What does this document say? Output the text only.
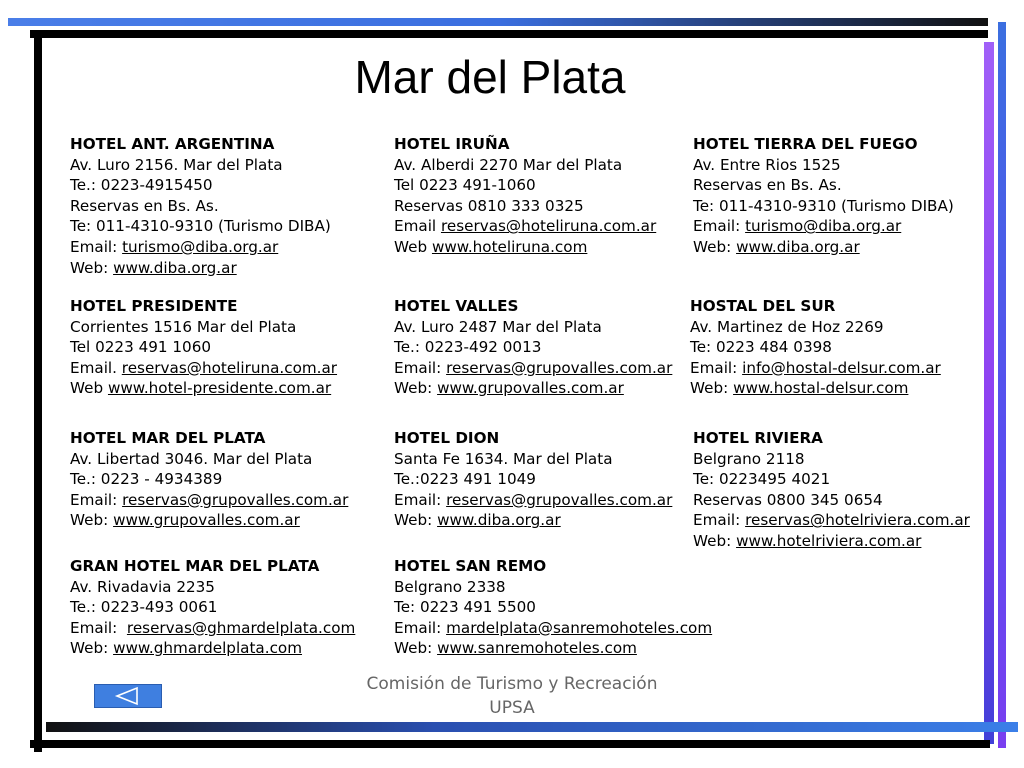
Mar del Plata
HOTEL ANT. ARGENTINA
Av. Luro 2156. Mar del Plata
Te.: 0223-4915450
Reservas en Bs. As.
Te: 011-4310-9310 (Turismo DIBA)
Email: turismo@diba.org.ar
Web: www.diba.org.ar
HOTEL IRUÑA
Av. Alberdi 2270 Mar del Plata
Tel 0223 491-1060
Reservas 0810 333 0325
Email reservas@hoteliruna.com.ar
Web www.hoteliruna.com
HOTEL TIERRA DEL FUEGO
Av. Entre Rios 1525
Reservas en Bs. As.
Te: 011-4310-9310 (Turismo DIBA)
Email: turismo@diba.org.ar
Web: www.diba.org.ar
HOTEL PRESIDENTE
Corrientes 1516 Mar del Plata
Tel 0223 491 1060
Email. reservas@hoteliruna.com.ar
Web www.hotel-presidente.com.ar
HOTEL VALLES
Av. Luro 2487 Mar del Plata
Te.: 0223-492 0013
Email: reservas@grupovalles.com.ar
Web: www.grupovalles.com.ar
HOSTAL DEL SUR
Av. Martinez de Hoz 2269
Te: 0223 484 0398
Email: info@hostal-delsur.com.ar
Web: www.hostal-delsur.com
HOTEL MAR DEL PLATA
Av. Libertad 3046. Mar del Plata
Te.: 0223 - 4934389
Email: reservas@grupovalles.com.ar
Web: www.grupovalles.com.ar
HOTEL DION
Santa Fe 1634. Mar del Plata
Te.:0223 491 1049
Email: reservas@grupovalles.com.ar
Web: www.diba.org.ar
HOTEL RIVIERA
Belgrano 2118
Te: 0223495 4021
Reservas 0800 345 0654
Email: reservas@hotelriviera.com.ar
Web: www.hotelriviera.com.ar
GRAN HOTEL MAR DEL PLATA
Av. Rivadavia 2235
Te.: 0223-493 0061
Email:  reservas@ghmardelplata.com
Web: www.ghmardelplata.com
HOTEL SAN REMO
Belgrano 2338
Te: 0223 491 5500
Email: mardelplata@sanremohoteles.com
Web: www.sanremohoteles.com
Comisión de Turismo y Recreación
UPSA
